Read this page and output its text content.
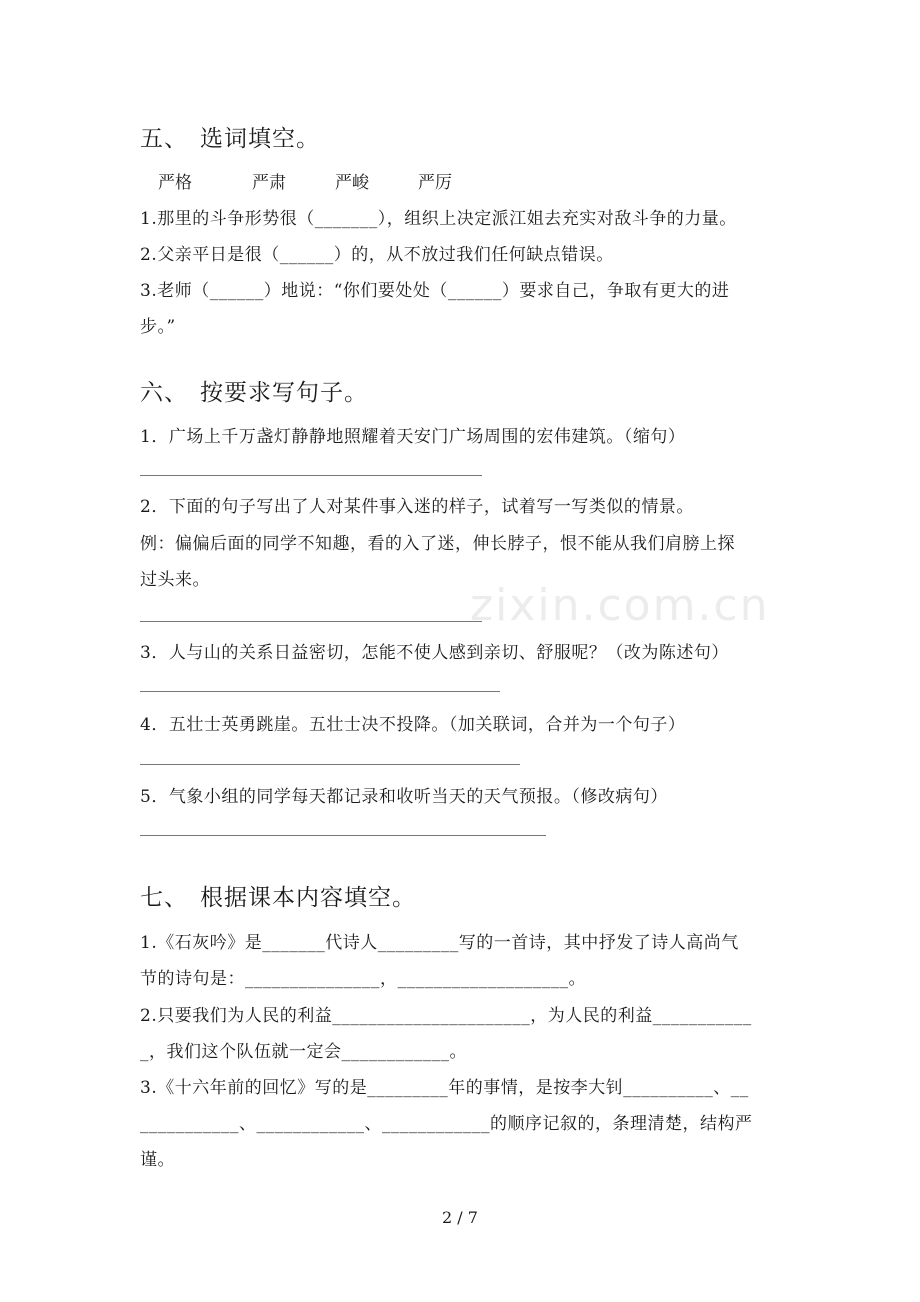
zixin.com.cn
五、 选词填空。
严格	严肃	严峻	严厉
1.那里的斗争形势很（_______），组织上决定派江姐去充实对敌斗争的力量。
2.父亲平日是很（______）的，从不放过我们任何缺点错误。
3.老师（______）地说：“你们要处处（______）要求自己，争取有更大的进
步。”
六、 按要求写句子。
1．广场上千万盏灯静静地照耀着天安门广场周围的宏伟建筑。（缩句）
2．下面的句子写出了人对某件事入迷的样子，试着写一写类似的情景。
例：偏偏后面的同学不知趣，看的入了迷，伸长脖子，恨不能从我们肩膀上探
过头来。
3．人与山的关系日益密切，怎能不使人感到亲切、舒服呢？（改为陈述句）
4．五壮士英勇跳崖。五壮士决不投降。（加关联词，合并为一个句子）
5．气象小组的同学每天都记录和收听当天的天气预报。（修改病句）
七、 根据课本内容填空。
1.《石灰吟》是_______代诗人_________写的一首诗，其中抒发了诗人高尚气
节的诗句是：_______________，___________________。
2.只要我们为人民的利益______________________，为人民的利益___________
_，我们这个队伍就一定会____________。
3.《十六年前的回忆》写的是_________年的事情，是按李大钊__________、__
___________、____________、____________的顺序记叙的，条理清楚，结构严
谨。
2 / 7
